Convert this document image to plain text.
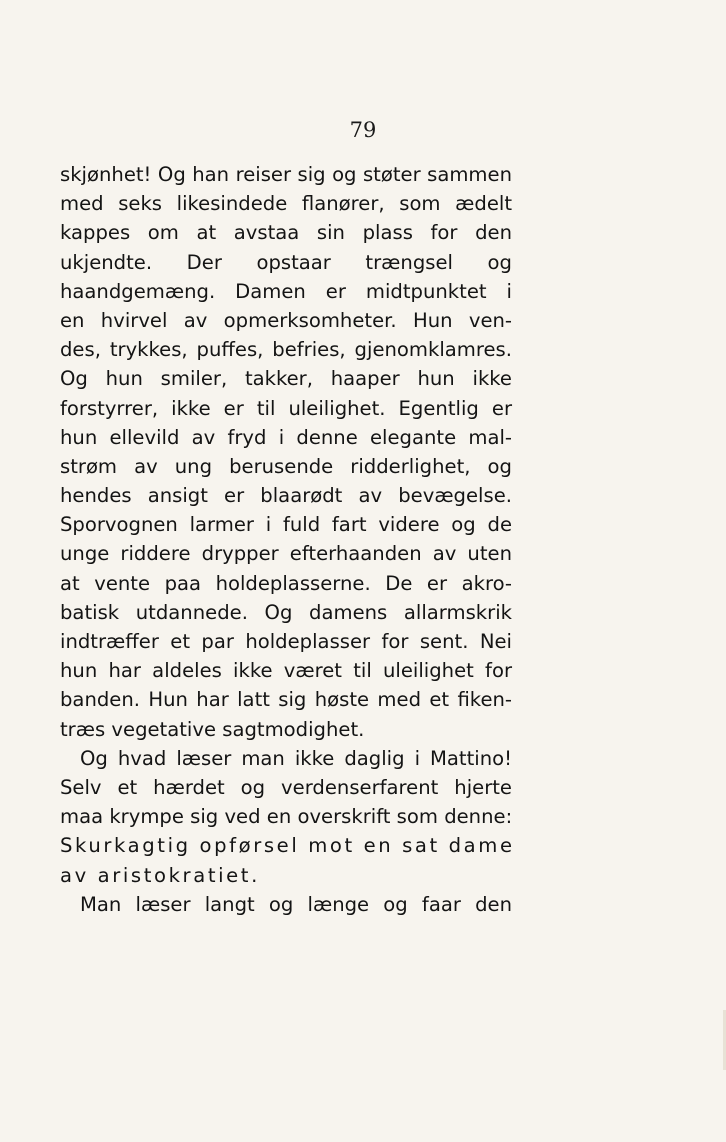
79
skjønhet! Og han reiser sig og støter sammen
med seks likesindede flanører, som ædelt
kappes om at avstaa sin plass for den
ukjendte. Der opstaar trængsel og
haandgemæng. Damen er midtpunktet i
en hvirvel av opmerksomheter. Hun ven-
des, trykkes, puffes, befries, gjenomklamres.
Og hun smiler, takker, haaper hun ikke
forstyrrer, ikke er til uleilighet. Egentlig er
hun ellevild av fryd i denne elegante mal-
strøm av ung berusende ridderlighet, og
hendes ansigt er blaarødt av bevægelse.
Sporvognen larmer i fuld fart videre og de
unge riddere drypper efterhaanden av uten
at vente paa holdeplasserne. De er akro-
batisk utdannede. Og damens allarmskrik
indtræffer et par holdeplasser for sent. Nei
hun har aldeles ikke været til uleilighet for
banden. Hun har latt sig høste med et fiken-
træs vegetative sagtmodighet.
Og hvad læser man ikke daglig i Mattino!
Selv et hærdet og verdenserfarent hjerte
maa krympe sig ved en overskrift som denne:
Skurkagtig opførsel mot en sat dame
av aristokratiet.
Man læser langt og længe og faar den
